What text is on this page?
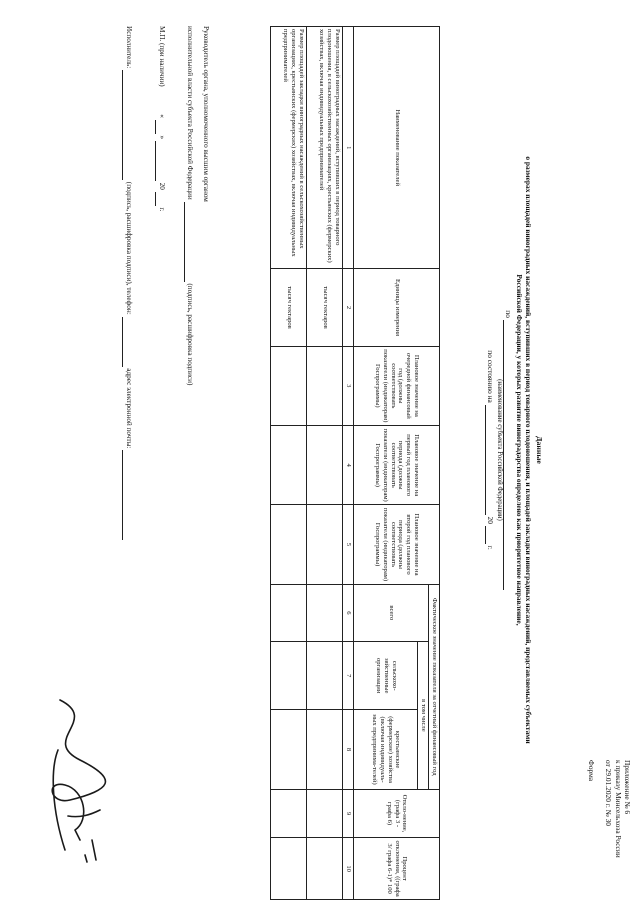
Приложение № 6
к приказу Минсельхоза России
от 29.01.2020 г. № 30
Форма
Данные
о размерах площадей виноградных насаждений, вступивших в период товарного плодоношения, и площадей закладки виноградных насаждений, представляемых субъектами Российской Федерации, у которых развитие виноградарства определено как приоритетное направление,
по
(наименование субъекта Российской Федерации)
по состоянию на   20   г.
Наименование показателей	Единицы измерения	Плановое значение на очередной финансовый год (должны соответствовать показатели (индикаторам) Госпрограммы)	Плановое значение на первый год планового периода (должны соответствовать показатели (индикаторам) Госпрограммы)	Плановое значение на второй год планового периода (должны соответствовать показатели (индикаторам) Госпрограммы)	Фактическое значение показателя за отчетный финансовый год			Откло-нение, (графа 3 - графа 6)	Процент отклонения, ((графа 3/ графа 6-1)* 100
					всего	в том числе			
						сельскохо-зяйственные организации	крестьянские (фермерские) хозяйства (включая индивидуаль-ных предпринима-телей)		
1	2	3	4	5	6	7	8	9	10
Размер площадей виноградных насаждений, вступивших в период товарного плодоношения, в сельскохозяйственных организациях, крестьянских (фермерских) хозяйствах, включая индивидуальных предпринимателей	тысяч гектаров								
Размер площадей закладки виноградных насаждений в сельскохозяйственных организациях, крестьянских (фермерских) хозяйствах, включая индивидуальных предпринимателей	тысяч гектаров								
Руководитель органа, уполномоченного высшим органом
исполнительной власти субъекта Российской Федерации   (подпись, расшифровка подписи)
М.П. (при наличии)  «   »   20   г.
Исполнитель:   (подпись, расшифровка подписи), телефон:   адрес электронной почты:
